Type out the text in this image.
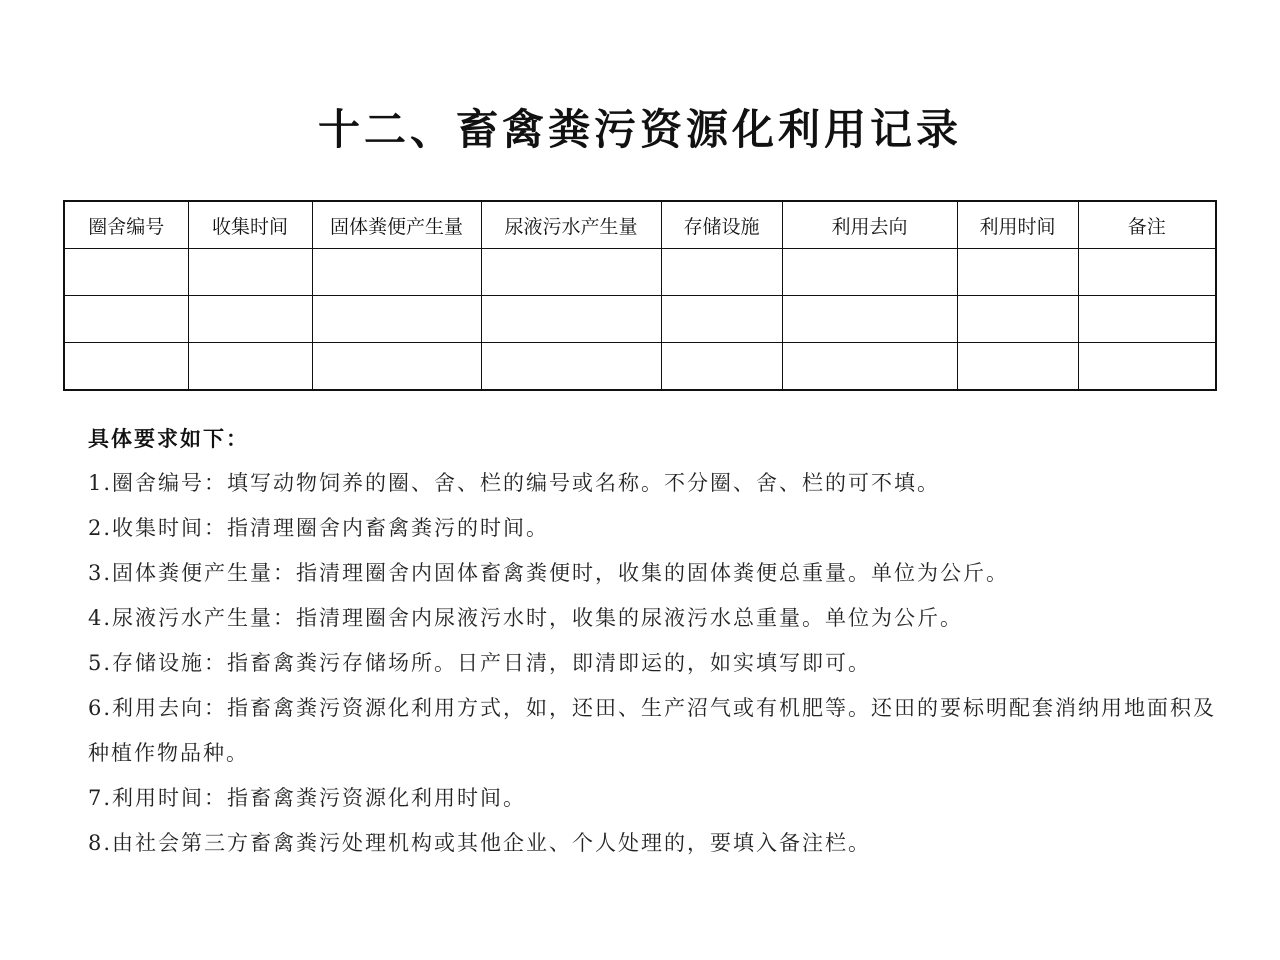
十二、畜禽粪污资源化利用记录
圈舍编号	收集时间	固体粪便产生量	尿液污水产生量	存储设施	利用去向	利用时间	备注

具体要求如下：

1.圈舍编号：填写动物饲养的圈、舍、栏的编号或名称。不分圈、舍、栏的可不填。

2.收集时间：指清理圈舍内畜禽粪污的时间。

3.固体粪便产生量：指清理圈舍内固体畜禽粪便时，收集的固体粪便总重量。单位为公斤。

4.尿液污水产生量：指清理圈舍内尿液污水时，收集的尿液污水总重量。单位为公斤。

5.存储设施：指畜禽粪污存储场所。日产日清，即清即运的，如实填写即可。

6.利用去向：指畜禽粪污资源化利用方式，如，还田、生产沼气或有机肥等。还田的要标明配套消纳用地面积及种植作物品种。

7.利用时间：指畜禽粪污资源化利用时间。

8.由社会第三方畜禽粪污处理机构或其他企业、个人处理的，要填入备注栏。
